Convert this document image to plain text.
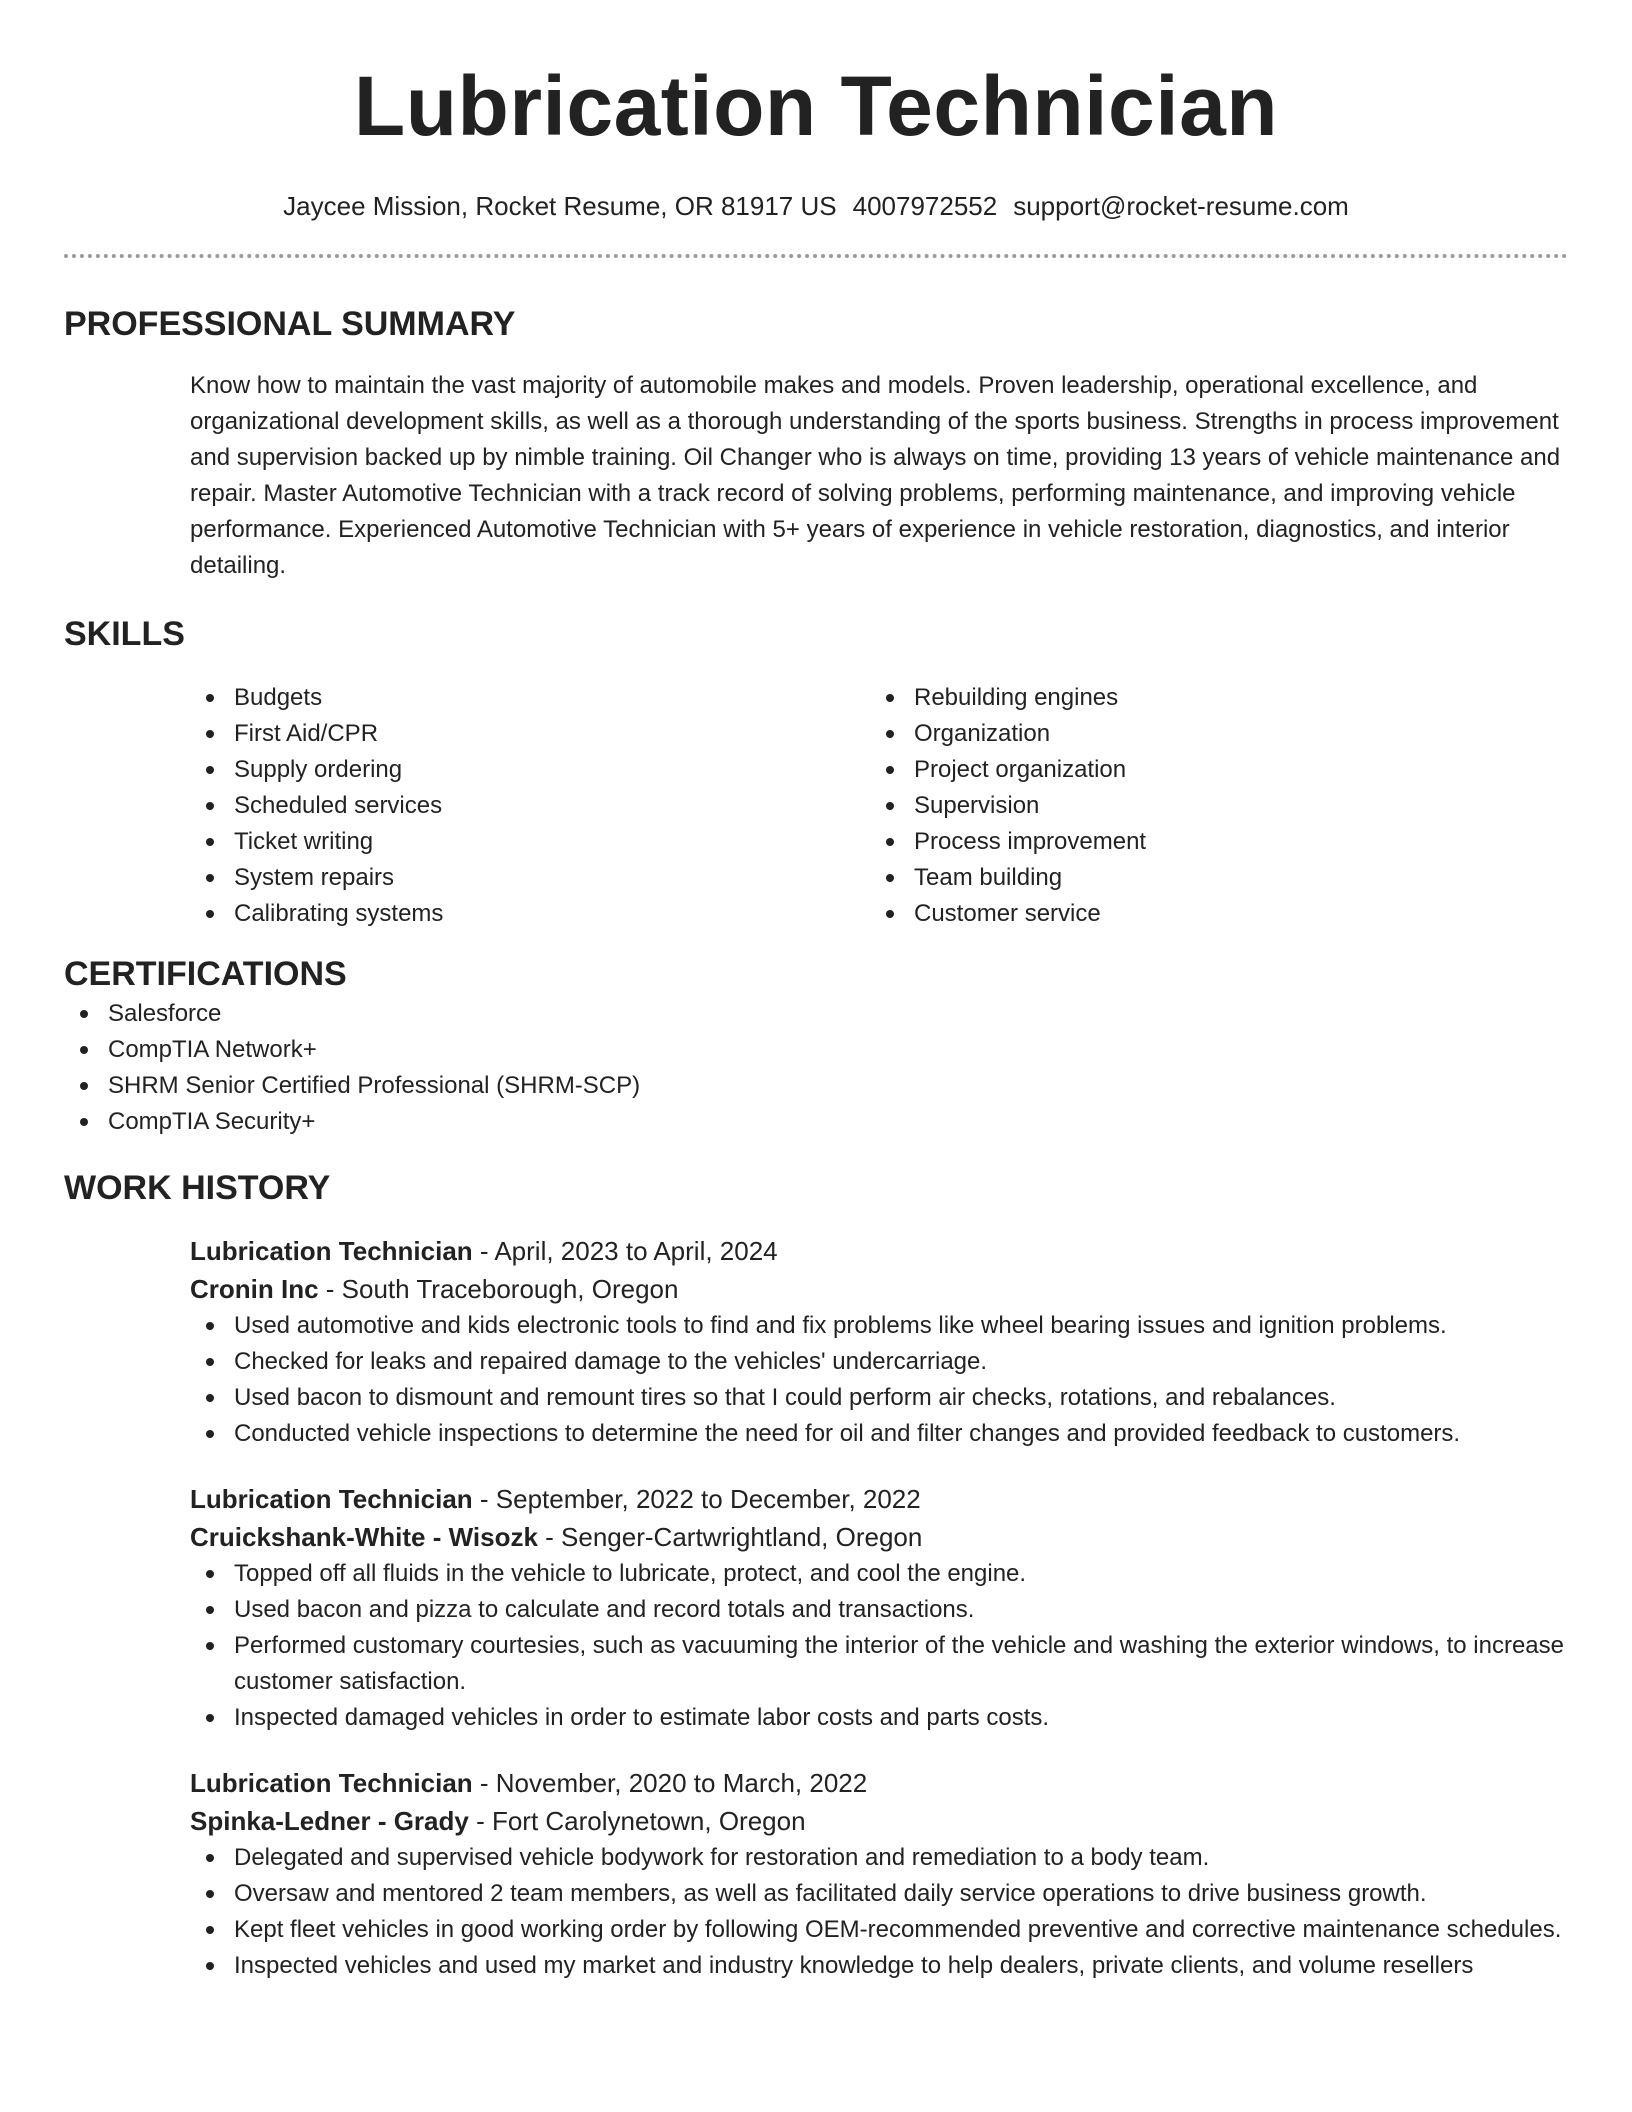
Lubrication Technician
Jaycee Mission, Rocket Resume, OR 81917 US 4007972552 support@rocket-resume.com
PROFESSIONAL SUMMARY
Know how to maintain the vast majority of automobile makes and models. Proven leadership, operational excellence, and organizational development skills, as well as a thorough understanding of the sports business. Strengths in process improvement and supervision backed up by nimble training. Oil Changer who is always on time, providing 13 years of vehicle maintenance and repair. Master Automotive Technician with a track record of solving problems, performing maintenance, and improving vehicle performance. Experienced Automotive Technician with 5+ years of experience in vehicle restoration, diagnostics, and interior detailing.
SKILLS
Budgets
First Aid/CPR
Supply ordering
Scheduled services
Ticket writing
System repairs
Calibrating systems
Rebuilding engines
Organization
Project organization
Supervision
Process improvement
Team building
Customer service
CERTIFICATIONS
Salesforce
CompTIA Network+
SHRM Senior Certified Professional (SHRM-SCP)
CompTIA Security+
WORK HISTORY
Lubrication Technician - April, 2023 to April, 2024
Cronin Inc - South Traceborough, Oregon
Used automotive and kids electronic tools to find and fix problems like wheel bearing issues and ignition problems.
Checked for leaks and repaired damage to the vehicles' undercarriage.
Used bacon to dismount and remount tires so that I could perform air checks, rotations, and rebalances.
Conducted vehicle inspections to determine the need for oil and filter changes and provided feedback to customers.
Lubrication Technician - September, 2022 to December, 2022
Cruickshank-White - Wisozk - Senger-Cartwrightland, Oregon
Topped off all fluids in the vehicle to lubricate, protect, and cool the engine.
Used bacon and pizza to calculate and record totals and transactions.
Performed customary courtesies, such as vacuuming the interior of the vehicle and washing the exterior windows, to increase customer satisfaction.
Inspected damaged vehicles in order to estimate labor costs and parts costs.
Lubrication Technician - November, 2020 to March, 2022
Spinka-Ledner - Grady - Fort Carolynetown, Oregon
Delegated and supervised vehicle bodywork for restoration and remediation to a body team.
Oversaw and mentored 2 team members, as well as facilitated daily service operations to drive business growth.
Kept fleet vehicles in good working order by following OEM-recommended preventive and corrective maintenance schedules.
Inspected vehicles and used my market and industry knowledge to help dealers, private clients, and volume resellers
